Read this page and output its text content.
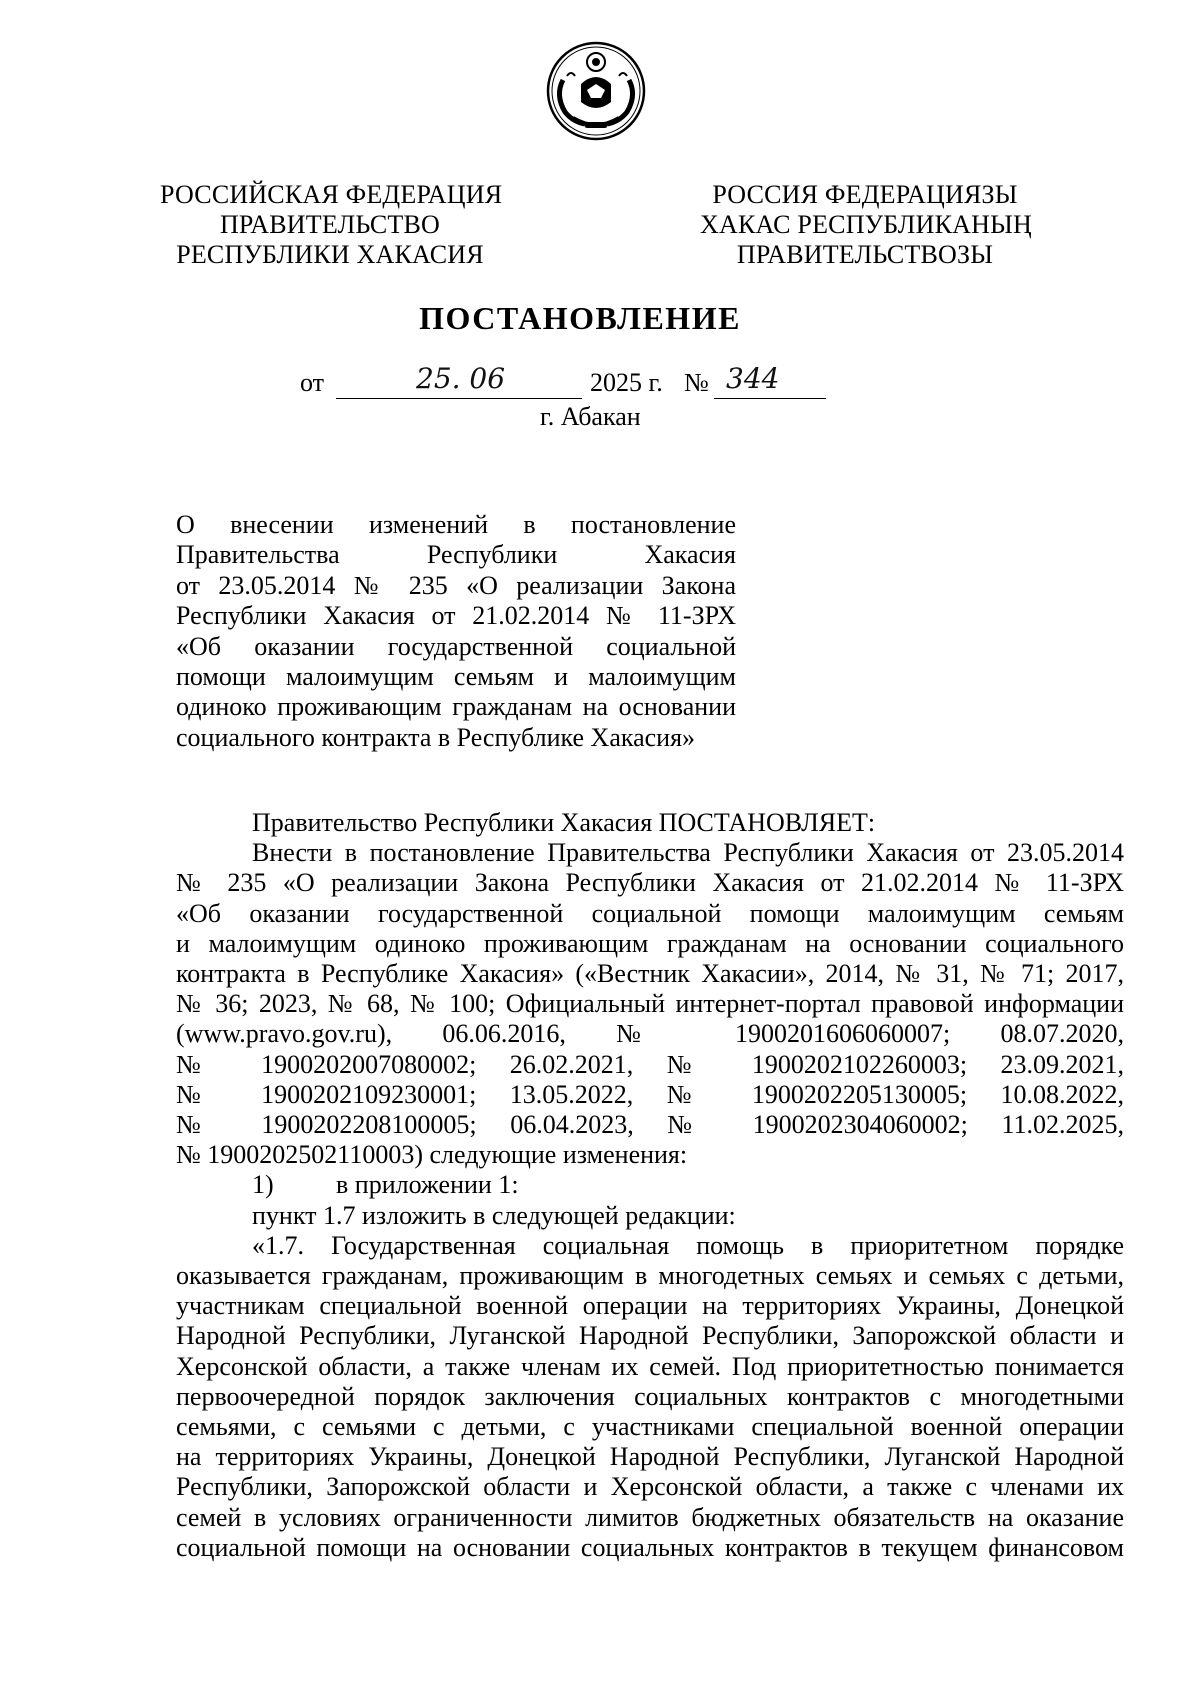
РОССИЙСКАЯ ФЕДЕРАЦИЯ
ПРАВИТЕЛЬСТВО
РЕСПУБЛИКИ ХАКАСИЯ
РОССИЯ ФЕДЕРАЦИЯЗЫ
ХАКАС РЕСПУБЛИКАНЫҢ
ПРАВИТЕЛЬСТВОЗЫ
ПОСТАНОВЛЕНИЕ
от	25. 06	2025 г. № 344
г. Абакан
О внесении изменений в постановление
Правительства Республики Хакасия
от 23.05.2014 № 235 «О реализации Закона
Республики Хакасия от 21.02.2014 № 11-ЗРХ
«Об оказании государственной социальной
помощи малоимущим семьям и малоимущим
одиноко проживающим гражданам на основании
социального контракта в Республике Хакасия»
Правительство Республики Хакасия ПОСТАНОВЛЯЕТ:
Внести в постановление Правительства Республики Хакасия от 23.05.2014
№ 235 «О реализации Закона Республики Хакасия от 21.02.2014 № 11-ЗРХ
«Об оказании государственной социальной помощи малоимущим семьям
и малоимущим одиноко проживающим гражданам на основании социального
контракта в Республике Хакасия» («Вестник Хакасии», 2014, № 31, № 71; 2017,
№ 36; 2023, № 68, № 100; Официальный интернет-портал правовой информации
(www.pravo.gov.ru), 06.06.2016, № 1900201606060007; 08.07.2020,
№ 1900202007080002; 26.02.2021, № 1900202102260003; 23.09.2021,
№ 1900202109230001; 13.05.2022, № 1900202205130005; 10.08.2022,
№ 1900202208100005; 06.04.2023, № 1900202304060002; 11.02.2025,
№ 1900202502110003) следующие изменения:
1) в приложении 1:
пункт 1.7 изложить в следующей редакции:
«1.7. Государственная социальная помощь в приоритетном порядке
оказывается гражданам, проживающим в многодетных семьях и семьях с детьми,
участникам специальной военной операции на территориях Украины, Донецкой
Народной Республики, Луганской Народной Республики, Запорожской области и
Херсонской области, а также членам их семей. Под приоритетностью понимается
первоочередной порядок заключения социальных контрактов с многодетными
семьями, с семьями с детьми, с участниками специальной военной операции
на территориях Украины, Донецкой Народной Республики, Луганской Народной
Республики, Запорожской области и Херсонской области, а также с членами их
семей в условиях ограниченности лимитов бюджетных обязательств на оказание
социальной помощи на основании социальных контрактов в текущем финансовом
